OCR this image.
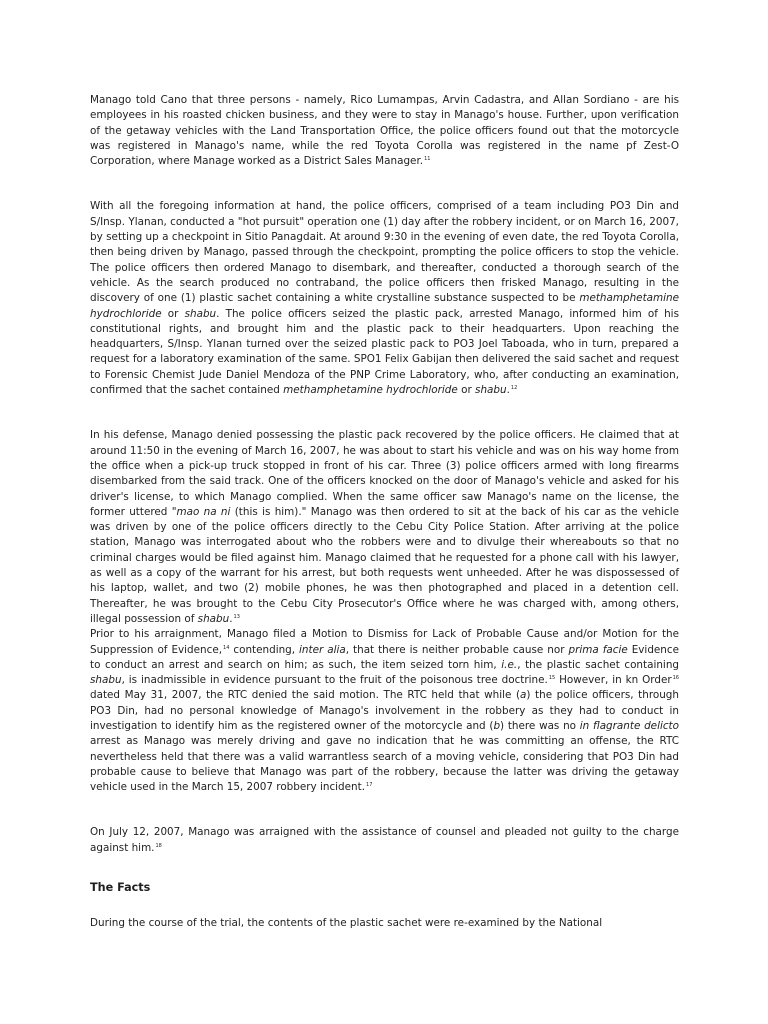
Manago told Cano that three persons - namely, Rico Lumampas, Arvin Cadastra, and Allan Sordiano - are his employees in his roasted chicken business, and they were to stay in Manago's house. Further, upon verification of the getaway vehicles with the Land Transportation Office, the police officers found out that the motorcycle was registered in Manago's name, while the red Toyota Corolla was registered in the name pf Zest-O Corporation, where Manage worked as a District Sales Manager.$^{11}$

With all the foregoing information at hand, the police officers, comprised of a team including PO3 Din and S/Insp. Ylanan, conducted a "hot pursuit" operation one (1) day after the robbery incident, or on March 16, 2007, by setting up a checkpoint in Sitio Panagdait. At around 9:30 in the evening of even date, the red Toyota Corolla, then being driven by Manago, passed through the checkpoint, prompting the police officers to stop the vehicle. The police officers then ordered Manago to disembark, and thereafter, conducted a thorough search of the vehicle. As the search produced no contraband, the police officers then frisked Manago, resulting in the discovery of one (1) plastic sachet containing a white crystalline substance suspected to be methamphetamine hydrochloride or shabu. The police officers seized the plastic pack, arrested Manago, informed him of his constitutional rights, and brought him and the plastic pack to their headquarters. Upon reaching the headquarters, S/Insp. Ylanan turned over the seized plastic pack to PO3 Joel Taboada, who in turn, prepared a request for a laboratory examination of the same. SPO1 Felix Gabijan then delivered the said sachet and request to Forensic Chemist Jude Daniel Mendoza of the PNP Crime Laboratory, who, after conducting an examination, confirmed that the sachet contained methamphetamine hydrochloride or shabu.$^{12}$

In his defense, Manago denied possessing the plastic pack recovered by the police officers. He claimed that at around 11:50 in the evening of March 16, 2007, he was about to start his vehicle and was on his way home from the office when a pick-up truck stopped in front of his car. Three (3) police officers armed with long firearms disembarked from the said track. One of the officers knocked on the door of Manago's vehicle and asked for his driver's license, to which Manago complied. When the same officer saw Manago's name on the license, the former uttered "mao na ni (this is him)." Manago was then ordered to sit at the back of his car as the vehicle was driven by one of the police officers directly to the Cebu City Police Station. After arriving at the police station, Manago was interrogated about who the robbers were and to divulge their whereabouts so that no criminal charges would be filed against him. Manago claimed that he requested for a phone call with his lawyer, as well as a copy of the warrant for his arrest, but both requests went unheeded. After he was dispossessed of his laptop, wallet, and two (2) mobile phones, he was then photographed and placed in a detention cell. Thereafter, he was brought to the Cebu City Prosecutor's Office where he was charged with, among others, illegal possession of shabu.$^{13}$

Prior to his arraignment, Manago filed a Motion to Dismiss for Lack of Probable Cause and/or Motion for the Suppression of Evidence,$^{14}$ contending, inter alia, that there is neither probable cause nor prima facie Evidence to conduct an arrest and search on him; as such, the item seized torn him, i.e., the plastic sachet containing shabu, is inadmissible in evidence pursuant to the fruit of the poisonous tree doctrine.$^{15}$ However, in kn Order$^{16}$ dated May 31, 2007, the RTC denied the said motion. The RTC held that while (a) the police officers, through PO3 Din, had no personal knowledge of Manago's involvement in the robbery as they had to conduct in investigation to identify him as the registered owner of the motorcycle and (b) there was no in flagrante delicto arrest as Manago was merely driving and gave no indication that he was committing an offense, the RTC nevertheless held that there was a valid warrantless search of a moving vehicle, considering that PO3 Din had probable cause to believe that Manago was part of the robbery, because the latter was driving the getaway vehicle used in the March 15, 2007 robbery incident.$^{17}$

On July 12, 2007, Manago was arraigned with the assistance of counsel and pleaded not guilty to the charge against him.$^{18}$

The Facts

During the course of the trial, the contents of the plastic sachet were re-examined by the National
